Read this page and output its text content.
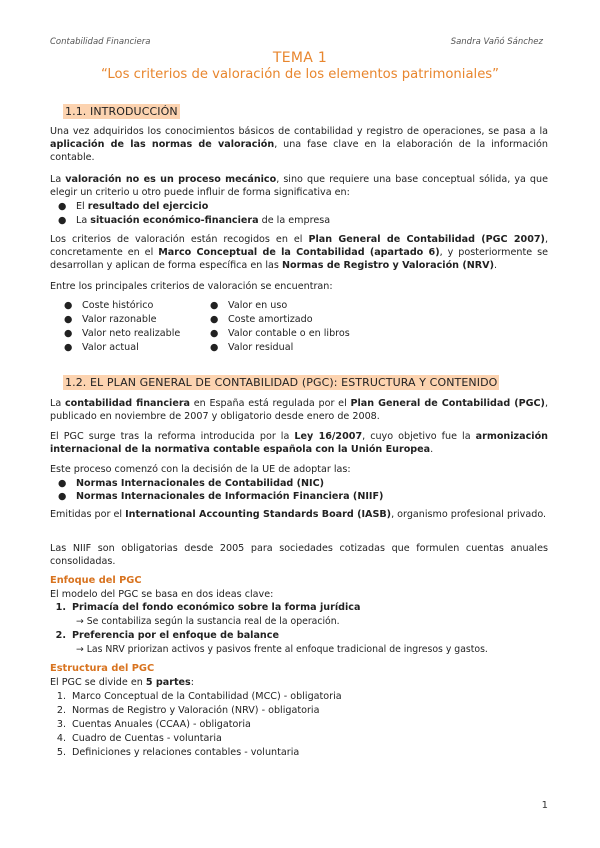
Contabilidad Financiera	Sandra Vañó Sánchez
TEMA 1
“Los criterios de valoración de los elementos patrimoniales”
1.1. INTRODUCCIÓN
Una vez adquiridos los conocimientos básicos de contabilidad y registro de operaciones, se pasa a la aplicación de las normas de valoración, una fase clave en la elaboración de la información contable.
La valoración no es un proceso mecánico, sino que requiere una base conceptual sólida, ya que elegir un criterio u otro puede influir de forma significativa en:
● El resultado del ejercicio
● La situación económico-financiera de la empresa
Los criterios de valoración están recogidos en el Plan General de Contabilidad (PGC 2007), concretamente en el Marco Conceptual de la Contabilidad (apartado 6), y posteriormente se desarrollan y aplican de forma específica en las Normas de Registro y Valoración (NRV).
Entre los principales criterios de valoración se encuentran:
● Coste histórico
● Valor razonable
● Valor neto realizable
● Valor actual
● Valor en uso
● Coste amortizado
● Valor contable o en libros
● Valor residual
1.2. EL PLAN GENERAL DE CONTABILIDAD (PGC): ESTRUCTURA Y CONTENIDO
La contabilidad financiera en España está regulada por el Plan General de Contabilidad (PGC), publicado en noviembre de 2007 y obligatorio desde enero de 2008.
El PGC surge tras la reforma introducida por la Ley 16/2007, cuyo objetivo fue la armonización internacional de la normativa contable española con la Unión Europea.
Este proceso comenzó con la decisión de la UE de adoptar las:
● Normas Internacionales de Contabilidad (NIC)
● Normas Internacionales de Información Financiera (NIIF)
Emitidas por el International Accounting Standards Board (IASB), organismo profesional privado.
Las NIIF son obligatorias desde 2005 para sociedades cotizadas que formulen cuentas anuales consolidadas.
Enfoque del PGC
El modelo del PGC se basa en dos ideas clave:
1. Primacía del fondo económico sobre la forma jurídica
→ Se contabiliza según la sustancia real de la operación.
2. Preferencia por el enfoque de balance
→ Las NRV priorizan activos y pasivos frente al enfoque tradicional de ingresos y gastos.
Estructura del PGC
El PGC se divide en 5 partes:
1. Marco Conceptual de la Contabilidad (MCC) - obligatoria
2. Normas de Registro y Valoración (NRV) - obligatoria
3. Cuentas Anuales (CCAA) - obligatoria
4. Cuadro de Cuentas - voluntaria
5. Definiciones y relaciones contables - voluntaria
1
